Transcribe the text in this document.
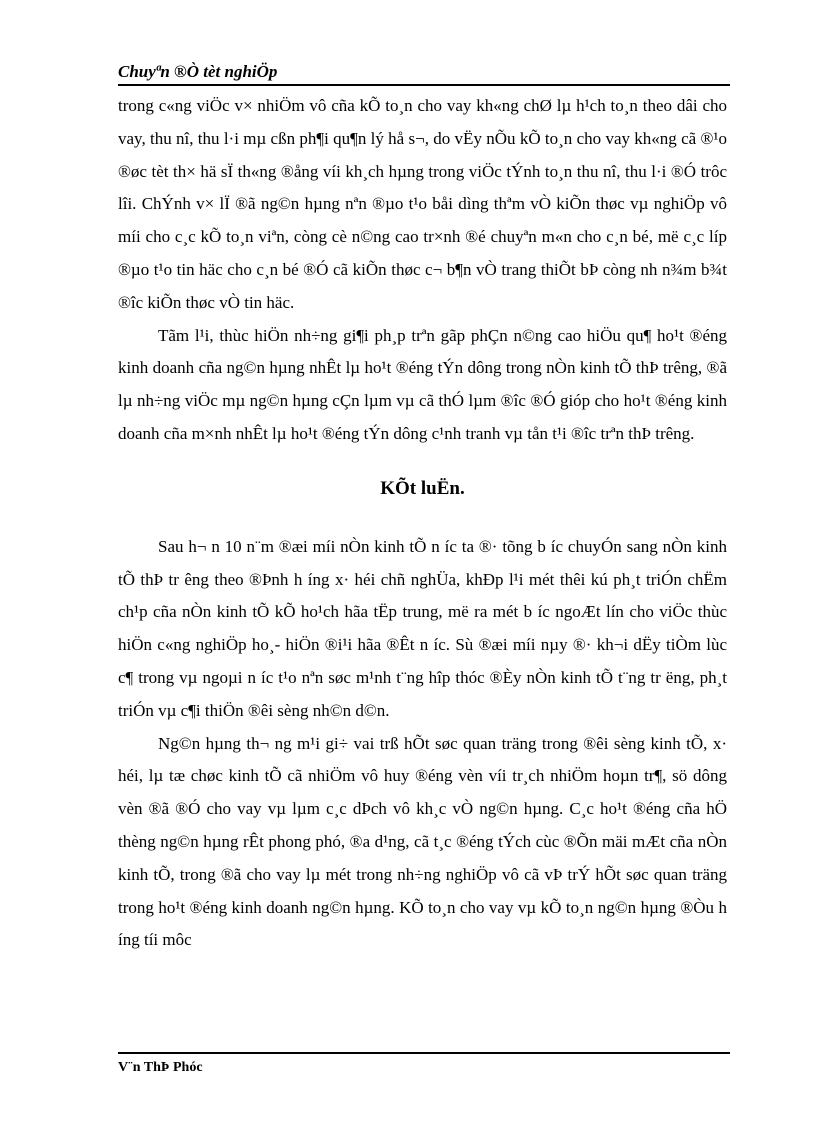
Chuyªn ®Ò tèt nghiÖp

trong c«ng viÖc v× nhiÖm vô cña kÕ to¸n cho vay kh«ng chØ lµ h¹ch to¸n theo dâi cho vay, thu nî, thu l·i mµ cßn ph¶i qu¶n lý hå s¬, do vËy nÕu kÕ to¸n cho vay kh«ng cã ®¹o ®øc tèt th× hä sÏ th«ng ®ång víi kh¸ch hµng trong viÖc tÝnh to¸n thu nî, thu l·i ®Ó trôc lîi. ChÝnh v× lÏ ®ã ng©n hµng nªn ®µo t¹o båi dìng thªm vÒ kiÕn thøc vµ nghiÖp vô míi cho c¸c kÕ to¸n viªn, còng cè n©ng cao tr×nh ®é chuyªn m«n cho c¸n bé, më c¸c líp ®µo t¹o tin häc cho c¸n bé ®Ó cã kiÕn thøc c¬ b¶n vÒ trang thiÕt bÞ còng nh n¾m b¾t ®îc kiÕn thøc vÒ tin häc.

Tãm l¹i, thùc hiÖn nh÷ng gi¶i ph¸p trªn gãp phÇn n©ng cao hiÖu qu¶ ho¹t ®éng kinh doanh cña ng©n hµng nhÊt lµ ho¹t ®éng tÝn dông trong nÒn kinh tÕ thÞ trêng, ®ã lµ nh÷ng viÖc mµ ng©n hµng cÇn lµm vµ cã thÓ lµm ®îc ®Ó gióp cho ho¹t ®éng kinh doanh cña m×nh nhÊt lµ ho¹t ®éng tÝn dông c¹nh tranh vµ tån t¹i ®îc trªn thÞ trêng.

KÕt luËn.

Sau h¬ n 10 n¨m ®æi míi nÒn kinh tÕ n íc ta ®· tõng b íc chuyÓn sang nÒn kinh tÕ thÞ tr êng theo ®Þnh h íng x· héi chñ nghÜa, khÐp l¹i mét thêi kú ph¸t triÓn chËm ch¹p cña nÒn kinh tÕ kÕ ho¹ch hãa tËp trung, më ra mét b íc ngoÆt lín cho viÖc thùc hiÖn c«ng nghiÖp ho¸- hiÖn ®i¹i hãa ®Êt n íc. Sù ®æi míi nµy ®· kh¬i dËy tiÒm lùc c¶ trong vµ ngoµi n íc t¹o nªn søc m¹nh t¨ng hîp thóc ®Èy nÒn kinh tÕ t¨ng tr ëng, ph¸t triÓn vµ c¶i thiÖn ®êi sèng nh©n d©n.

Ng©n hµng th¬ ng m¹i gi÷ vai trß hÕt søc quan träng trong ®êi sèng kinh tÕ, x· héi, lµ tæ chøc kinh tÕ cã nhiÖm vô huy ®éng vèn víi tr¸ch nhiÖm hoµn tr¶, sö dông vèn ®ã ®Ó cho vay vµ lµm c¸c dÞch vô kh¸c vÒ ng©n hµng. C¸c ho¹t ®éng cña hÖ thèng ng©n hµng rÊt phong phó, ®a d¹ng, cã t¸c ®éng tÝch cùc ®Õn mäi mÆt cña nÒn kinh tÕ, trong ®ã cho vay lµ mét trong nh÷ng nghiÖp vô cã vÞ trÝ hÕt søc quan träng trong ho¹t ®éng kinh doanh ng©n hµng. KÕ to¸n cho vay vµ kÕ to¸n ng©n hµng ®Òu h íng tíi môc

V¨n ThÞ Phóc
